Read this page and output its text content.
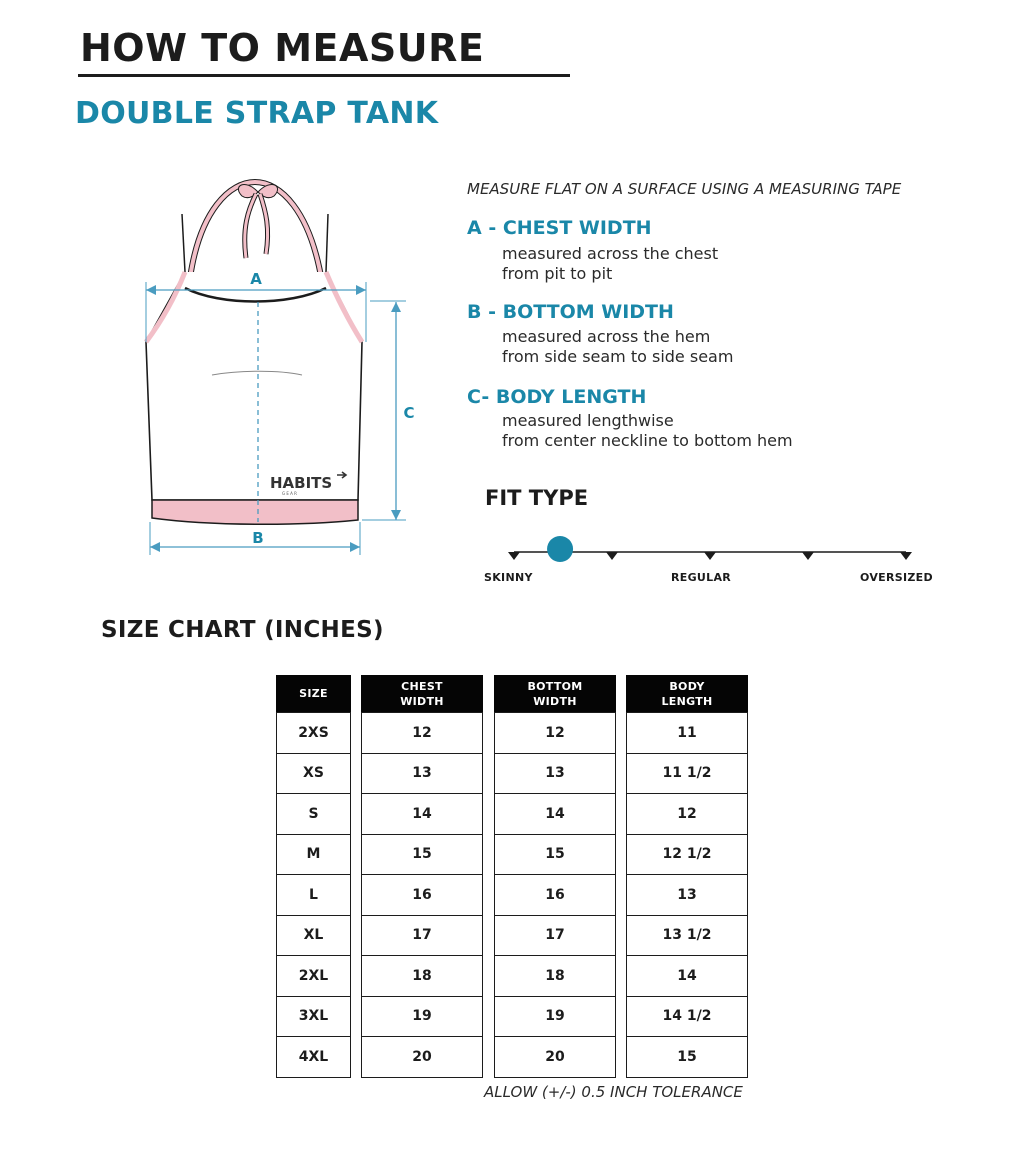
HOW TO MEASURE
DOUBLE STRAP TANK
A
B
C
HABITS
G E A R
MEASURE FLAT ON A SURFACE USING A MEASURING TAPE
A - CHEST WIDTH
measured across the chest
from pit to pit
B - BOTTOM WIDTH
measured across the hem
from side seam to side seam
C- BODY LENGTH
measured lengthwise
from center neckline to bottom hem
FIT TYPE
SKINNY	REGULAR	OVERSIZED
SIZE CHART (INCHES)
SIZE
2XS
XS
S
M
L
XL
2XL
3XL
4XL
CHEST
WIDTH
12
13
14
15
16
17
18
19
20
BOTTOM
WIDTH
12
13
14
15
16
17
18
19
20
BODY
LENGTH
11
11 1/2
12
12 1/2
13
13 1/2
14
14 1/2
15
ALLOW (+/-) 0.5 INCH TOLERANCE
